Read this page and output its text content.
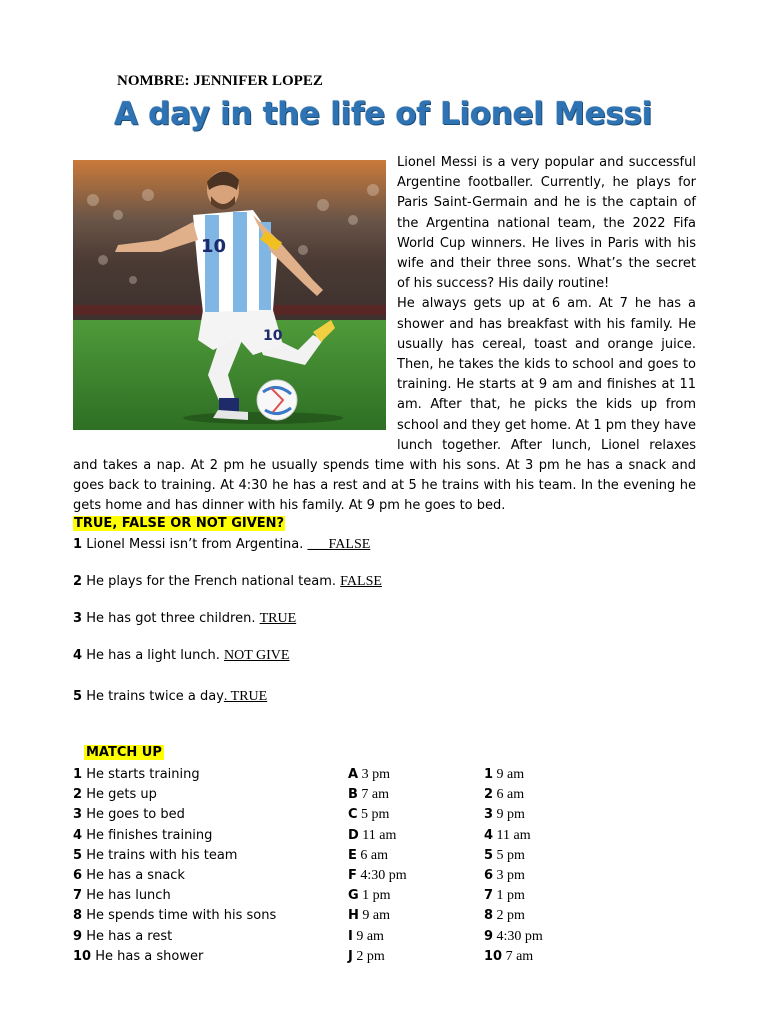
NOMBRE: JENNIFER LOPEZ
A day in the life of Lionel Messi
10
10

Lionel Messi is a very popular and successful Argentine footballer. Currently, he plays for Paris Saint-Germain and he is the captain of the Argentina national team, the 2022 Fifa World Cup winners. He lives in Paris with his wife and their three sons. What’s the secret of his success? His daily routine!

He always gets up at 6 am. At 7 he has a shower and has breakfast with his family. He usually has cereal, toast and orange juice. Then, he takes the kids to school and goes to training. He starts at 9 am and finishes at 11 am. After that, he picks the kids up from school and they get home. At 1 pm they have lunch together. After lunch, Lionel relaxes and takes a nap. At 2 pm he usually spends time with his sons. At 3 pm he has a snack and goes back to training. At 4:30 he has a rest and at 5 he trains with his team. In the evening he gets home and has dinner with his family. At 9 pm he goes to bed.

TRUE, FALSE OR NOT GIVEN?
1 Lionel Messi isn’t from Argentina. ___FALSE
2 He plays for the French national team. FALSE
3 He has got three children. TRUE
4 He has a light lunch. NOT GIVE
5 He trains twice a day. TRUE
MATCH UP
1 He starts training
2 He gets up
3 He goes to bed
4 He finishes training
5 He trains with his team
6 He has a snack
7 He has lunch
8 He spends time with his sons
9 He has a rest
10 He has a shower
A 3 pm
B 7 am
C 5 pm
D 11 am
E 6 am
F 4:30 pm
G 1 pm
H 9 am
I 9 am
J 2 pm
1 9 am
2 6 am
3 9 pm
4 11 am
5 5 pm
6 3 pm
7 1 pm
8 2 pm
9 4:30 pm
10 7 am
